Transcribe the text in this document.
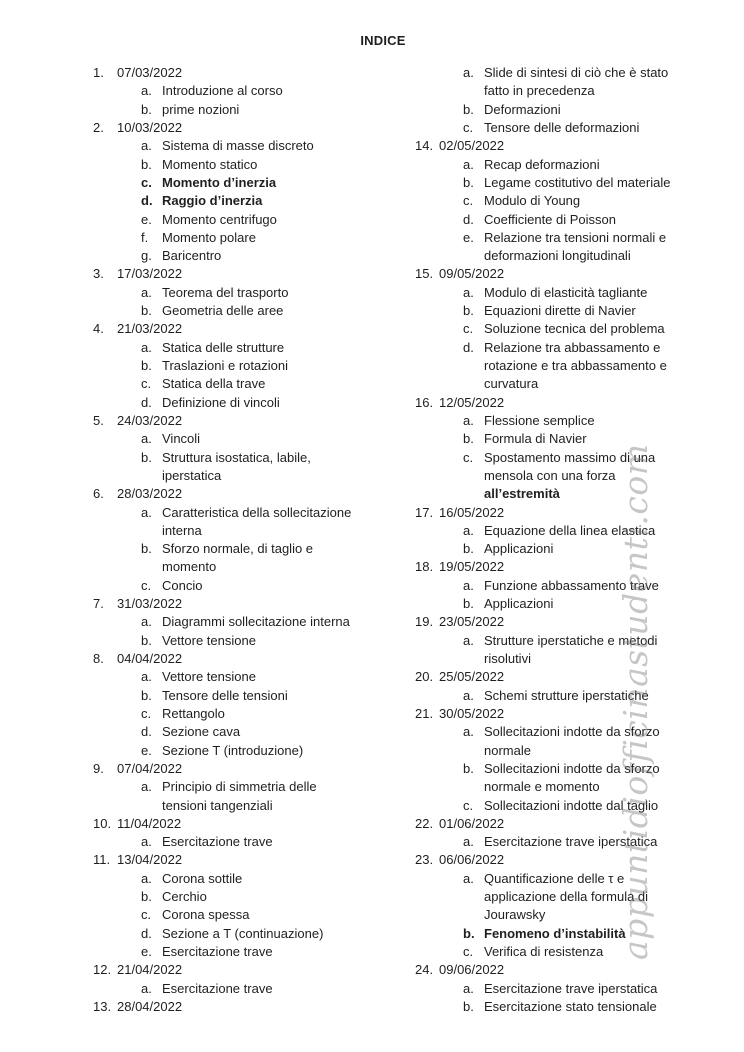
INDICE
1. 07/03/2022
a. Introduzione al corso
b. prime nozioni
2. 10/03/2022
a. Sistema di masse discreto
b. Momento statico
c. Momento d’inerzia
d. Raggio d’inerzia
e. Momento centrifugo
f. Momento polare
g. Baricentro
3. 17/03/2022
a. Teorema del trasporto
b. Geometria delle aree
4. 21/03/2022
a. Statica delle strutture
b. Traslazioni e rotazioni
c. Statica della trave
d. Definizione di vincoli
5. 24/03/2022
a. Vincoli
b. Struttura isostatica, labile,
iperstatica
6. 28/03/2022
a. Caratteristica della sollecitazione
interna
b. Sforzo normale, di taglio e
momento
c. Concio
7. 31/03/2022
a. Diagrammi sollecitazione interna
b. Vettore tensione
8. 04/04/2022
a. Vettore tensione
b. Tensore delle tensioni
c. Rettangolo
d. Sezione cava
e. Sezione T (introduzione)
9. 07/04/2022
a. Principio di simmetria delle
tensioni tangenziali
10. 11/04/2022
a. Esercitazione trave
11. 13/04/2022
a. Corona sottile
b. Cerchio
c. Corona spessa
d. Sezione a T (continuazione)
e. Esercitazione trave
12. 21/04/2022
a. Esercitazione trave
13. 28/04/2022
a. Slide di sintesi di ciò che è stato
fatto in precedenza
b. Deformazioni
c. Tensore delle deformazioni
14. 02/05/2022
a. Recap deformazioni
b. Legame costitutivo del materiale
c. Modulo di Young
d. Coefficiente di Poisson
e. Relazione tra tensioni normali e
deformazioni longitudinali
15. 09/05/2022
a. Modulo di elasticità tagliante
b. Equazioni dirette di Navier
c. Soluzione tecnica del problema
d. Relazione tra abbassamento e
rotazione e tra abbassamento e
curvatura
16. 12/05/2022
a. Flessione semplice
b. Formula di Navier
c. Spostamento massimo di una
mensola con una forza
all’estremità
17. 16/05/2022
a. Equazione della linea elastica
b. Applicazioni
18. 19/05/2022
a. Funzione abbassamento trave
b. Applicazioni
19. 23/05/2022
a. Strutture iperstatiche e metodi
risolutivi
20. 25/05/2022
a. Schemi strutture iperstatiche
21. 30/05/2022
a. Sollecitazioni indotte da sforzo
normale
b. Sollecitazioni indotte da sforzo
normale e momento
c. Sollecitazioni indotte dal taglio
22. 01/06/2022
a. Esercitazione trave iperstatica
23. 06/06/2022
a. Quantificazione delle τ e
applicazione della formula di
Jourawsky
b. Fenomeno d’instabilità
c. Verifica di resistenza
24. 09/06/2022
a. Esercitazione trave iperstatica
b. Esercitazione stato tensionale
appuntidiofficinastudenti.com
